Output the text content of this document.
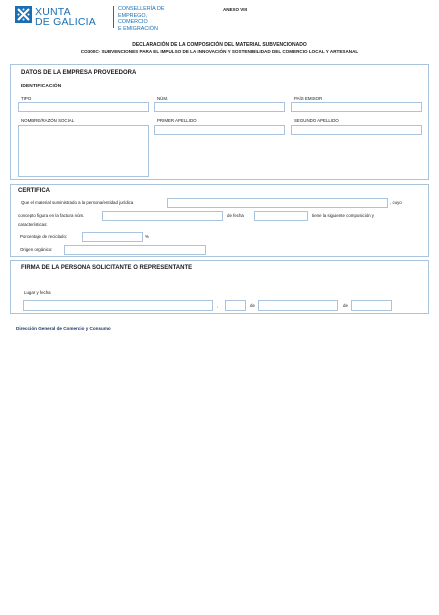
XUNTA
DE GALICIA
CONSELLERÍA DE
EMPREGO, COMERCIO
E EMIGRACIÓN
ANEXO VIII
DECLARACIÓN DE LA COMPOSICIÓN DEL MATERIAL SUBVENCIONADO
CO300C- SUBVENCIONES PARA EL IMPULSO DE LA INNOVACIÓN Y SOSTENIBILIDAD DEL COMERCIO LOCAL Y ARTESANAL
DATOS DE LA EMPRESA PROVEEDORA
IDENTIFICACIÓN
TIPO	NÚM.	PAÍS EMISOR
NOMBRE/RAZÓN SOCIAL	PRIMER APELLIDO	SEGUNDO APELLIDO
CERTIFICA
Que el material suministrado a la persona/entidad jurídica	, cuyo
concepto figura en la factura núm.	de fecha	tiene la siguiente composición y
características:
Porcentaje de reciclado:	%
Origen orgánico:
FIRMA DE LA PERSONA SOLICITANTE O REPRESENTANTE
Lugar y fecha
,	de	de
Dirección General de Comercio y Consumo
